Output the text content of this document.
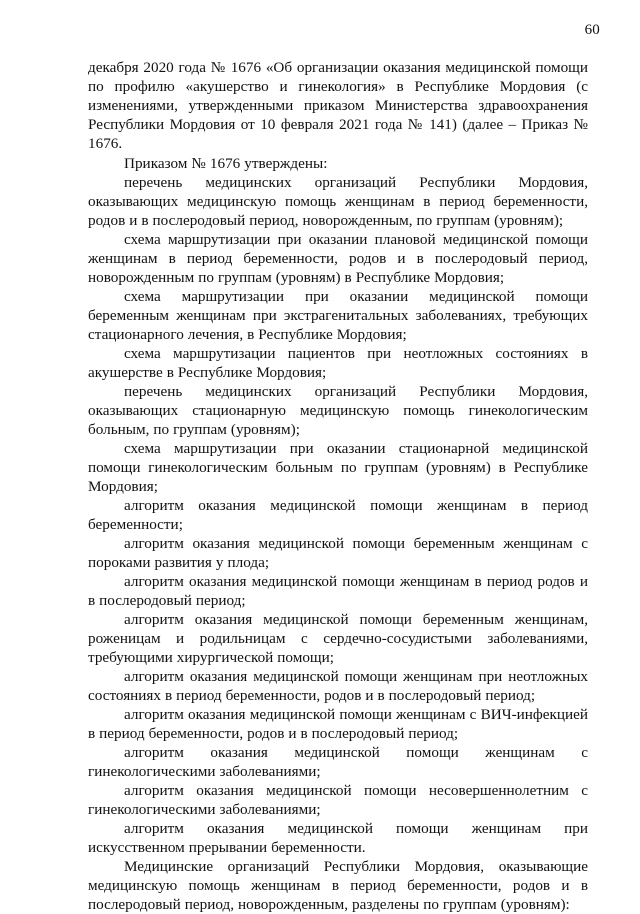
60

декабря 2020 года № 1676 «Об организации оказания медицинской помощи по профилю «акушерство и гинекология» в Республике Мордовия (с изменениями, утвержденными приказом Министерства здравоохранения Республики Мордовия от 10 февраля 2021 года № 141) (далее – Приказ № 1676.

Приказом № 1676 утверждены:

перечень медицинских организаций Республики Мордовия, оказывающих медицинскую помощь женщинам в период беременности, родов и в послеродовый период, новорожденным, по группам (уровням);

схема маршрутизации при оказании плановой медицинской помощи женщинам в период беременности, родов и в послеродовый период, новорожденным по группам (уровням) в Республике Мордовия;

схема маршрутизации при оказании медицинской помощи беременным женщинам при экстрагенитальных заболеваниях, требующих стационарного лечения, в Республике Мордовия;

схема маршрутизации пациентов при неотложных состояниях в акушерстве в Республике Мордовия;

перечень медицинских организаций Республики Мордовия, оказывающих стационарную медицинскую помощь гинекологическим больным, по группам (уровням);

схема маршрутизации при оказании стационарной медицинской помощи гинекологическим больным по группам (уровням) в Республике Мордовия;

алгоритм оказания медицинской помощи женщинам в период беременности;

алгоритм оказания медицинской помощи беременным женщинам с пороками развития у плода;

алгоритм оказания медицинской помощи женщинам в период родов и в послеродовый период;

алгоритм оказания медицинской помощи беременным женщинам, роженицам и родильницам с сердечно-сосудистыми заболеваниями, требующими хирургической помощи;

алгоритм оказания медицинской помощи женщинам при неотложных состояниях в период беременности, родов и в послеродовый период;

алгоритм оказания медицинской помощи женщинам с ВИЧ-инфекцией в период беременности, родов и в послеродовый период;

алгоритм оказания медицинской помощи женщинам с гинекологическими заболеваниями;

алгоритм оказания медицинской помощи несовершеннолетним с гинекологическими заболеваниями;

алгоритм оказания медицинской помощи женщинам при искусственном прерывании беременности.

Медицинские организаций Республики Мордовия, оказывающие медицинскую помощь женщинам в период беременности, родов и в послеродовый период, новорожденным, разделены по группам (уровням):
